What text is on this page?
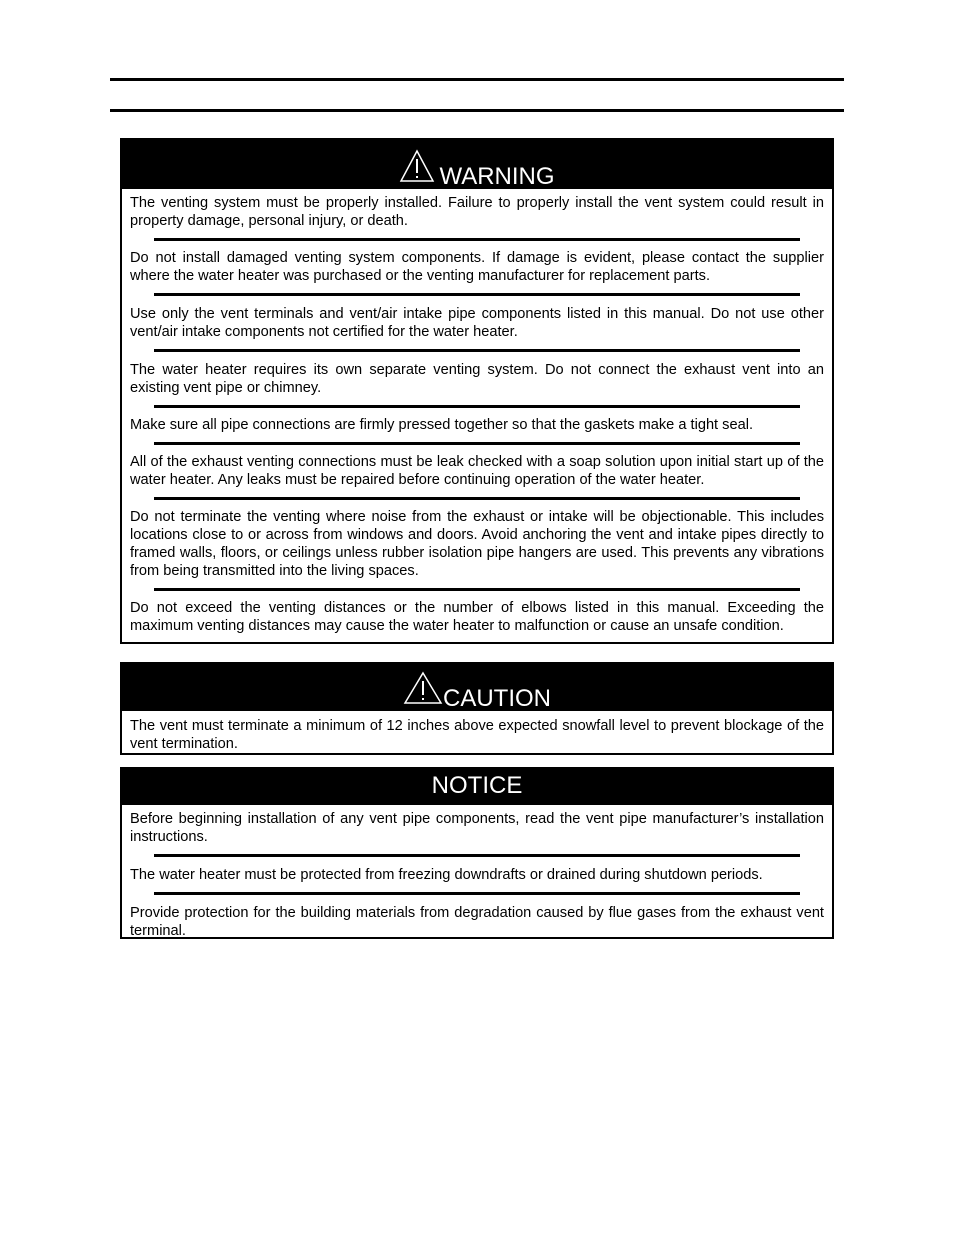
WARNING

The venting system must be properly installed. Failure to properly install the vent system could result in property damage, personal injury, or death.

Do not install damaged venting system components. If damage is evident, please contact the supplier where the water heater was purchased or the venting manufacturer for replacement parts.

Use only the vent terminals and vent/air intake pipe components listed in this manual. Do not use other vent/air intake components not certified for the water heater.

The water heater requires its own separate venting system. Do not connect the exhaust vent into an existing vent pipe or chimney.

Make sure all pipe connections are firmly pressed together so that the gaskets make a tight seal.

All of the exhaust venting connections must be leak checked with a soap solution upon initial start up of the water heater. Any leaks must be repaired before continuing operation of the water heater.

Do not terminate the venting where noise from the exhaust or intake will be objectionable. This includes locations close to or across from windows and doors. Avoid anchoring the vent and intake pipes directly to framed walls, floors, or ceilings unless rubber isolation pipe hangers are used. This prevents any vibrations from being transmitted into the living spaces.

Do not exceed the venting distances or the number of elbows listed in this manual. Exceeding the maximum venting distances may cause the water heater to malfunction or cause an unsafe condition.

CAUTION

The vent must terminate a minimum of 12 inches above expected snowfall level to prevent blockage of the vent termination.

NOTICE

Before beginning installation of any vent pipe components, read the vent pipe manufacturer’s installation instructions.

The water heater must be protected from freezing downdrafts or drained during shutdown periods.

Provide protection for the building materials from degradation caused by flue gases from the exhaust vent terminal.
